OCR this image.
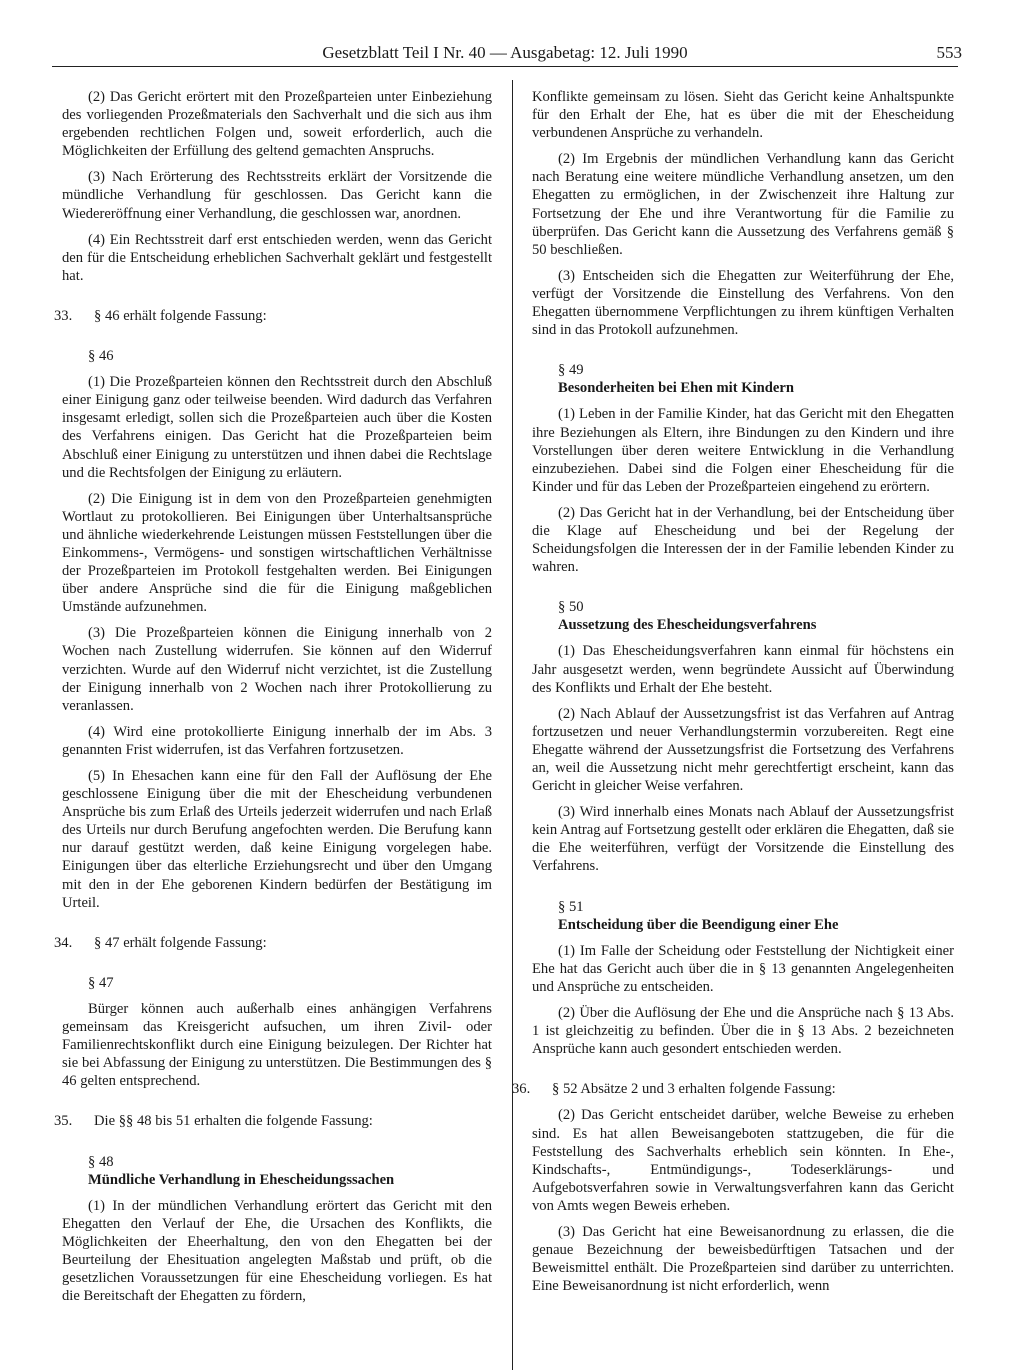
Gesetzblatt Teil I Nr. 40 — Ausgabetag: 12. Juli 1990	553

(2) Das Gericht erörtert mit den Prozeßparteien unter Einbeziehung des vorliegenden Prozeßmaterials den Sachverhalt und die sich aus ihm ergebenden rechtlichen Folgen und, soweit erforderlich, auch die Möglichkeiten der Erfüllung des geltend gemachten Anspruchs.

(3) Nach Erörterung des Rechtsstreits erklärt der Vorsitzende die mündliche Verhandlung für geschlossen. Das Gericht kann die Wiedereröffnung einer Verhandlung, die geschlossen war, anordnen.

(4) Ein Rechtsstreit darf erst entschieden werden, wenn das Gericht den für die Entscheidung erheblichen Sachverhalt geklärt und festgestellt hat.

33.	§ 46 erhält folgende Fassung:

§ 46

(1) Die Prozeßparteien können den Rechtsstreit durch den Abschluß einer Einigung ganz oder teilweise beenden. Wird dadurch das Verfahren insgesamt erledigt, sollen sich die Prozeßparteien auch über die Kosten des Verfahrens einigen. Das Gericht hat die Prozeßparteien beim Abschluß einer Einigung zu unterstützen und ihnen dabei die Rechtslage und die Rechtsfolgen der Einigung zu erläutern.

(2) Die Einigung ist in dem von den Prozeßparteien genehmigten Wortlaut zu protokollieren. Bei Einigungen über Unterhaltsansprüche und ähnliche wiederkehrende Leistungen müssen Feststellungen über die Einkommens-, Vermögens- und sonstigen wirtschaftlichen Verhältnisse der Prozeßparteien im Protokoll festgehalten werden. Bei Einigungen über andere Ansprüche sind die für die Einigung maßgeblichen Umstände aufzunehmen.

(3) Die Prozeßparteien können die Einigung innerhalb von 2 Wochen nach Zustellung widerrufen. Sie können auf den Widerruf verzichten. Wurde auf den Widerruf nicht verzichtet, ist die Zustellung der Einigung innerhalb von 2 Wochen nach ihrer Protokollierung zu veranlassen.

(4) Wird eine protokollierte Einigung innerhalb der im Abs. 3 genannten Frist widerrufen, ist das Verfahren fortzusetzen.

(5) In Ehesachen kann eine für den Fall der Auflösung der Ehe geschlossene Einigung über die mit der Ehescheidung verbundenen Ansprüche bis zum Erlaß des Urteils jederzeit widerrufen und nach Erlaß des Urteils nur durch Berufung angefochten werden. Die Berufung kann nur darauf gestützt werden, daß keine Einigung vorgelegen habe. Einigungen über das elterliche Erziehungsrecht und über den Umgang mit den in der Ehe geborenen Kindern bedürfen der Bestätigung im Urteil.

34.	§ 47 erhält folgende Fassung:

§ 47

Bürger können auch außerhalb eines anhängigen Verfahrens gemeinsam das Kreisgericht aufsuchen, um ihren Zivil- oder Familienrechtskonflikt durch eine Einigung beizulegen. Der Richter hat sie bei Abfassung der Einigung zu unterstützen. Die Bestimmungen des § 46 gelten entsprechend.

35.	Die §§ 48 bis 51 erhalten die folgende Fassung:

§ 48

Mündliche Verhandlung in Ehescheidungssachen

(1) In der mündlichen Verhandlung erörtert das Gericht mit den Ehegatten den Verlauf der Ehe, die Ursachen des Konflikts, die Möglichkeiten der Eheerhaltung, den von den Ehegatten bei der Beurteilung der Ehesituation angelegten Maßstab und prüft, ob die gesetzlichen Voraussetzungen für eine Ehescheidung vorliegen. Es hat die Bereitschaft der Ehegatten zu fördern,

Konflikte gemeinsam zu lösen. Sieht das Gericht keine Anhaltspunkte für den Erhalt der Ehe, hat es über die mit der Ehescheidung verbundenen Ansprüche zu verhandeln.

(2) Im Ergebnis der mündlichen Verhandlung kann das Gericht nach Beratung eine weitere mündliche Verhandlung ansetzen, um den Ehegatten zu ermöglichen, in der Zwischenzeit ihre Haltung zur Fortsetzung der Ehe und ihre Verantwortung für die Familie zu überprüfen. Das Gericht kann die Aussetzung des Verfahrens gemäß § 50 beschließen.

(3) Entscheiden sich die Ehegatten zur Weiterführung der Ehe, verfügt der Vorsitzende die Einstellung des Verfahrens. Von den Ehegatten übernommene Verpflichtungen zu ihrem künftigen Verhalten sind in das Protokoll aufzunehmen.

§ 49

Besonderheiten bei Ehen mit Kindern

(1) Leben in der Familie Kinder, hat das Gericht mit den Ehegatten ihre Beziehungen als Eltern, ihre Bindungen zu den Kindern und ihre Vorstellungen über deren weitere Entwicklung in die Verhandlung einzubeziehen. Dabei sind die Folgen einer Ehescheidung für die Kinder und für das Leben der Prozeßparteien eingehend zu erörtern.

(2) Das Gericht hat in der Verhandlung, bei der Entscheidung über die Klage auf Ehescheidung und bei der Regelung der Scheidungsfolgen die Interessen der in der Familie lebenden Kinder zu wahren.

§ 50

Aussetzung des Ehescheidungsverfahrens

(1) Das Ehescheidungsverfahren kann einmal für höchstens ein Jahr ausgesetzt werden, wenn begründete Aussicht auf Überwindung des Konflikts und Erhalt der Ehe besteht.

(2) Nach Ablauf der Aussetzungsfrist ist das Verfahren auf Antrag fortzusetzen und neuer Verhandlungstermin vorzubereiten. Regt eine Ehegatte während der Aussetzungsfrist die Fortsetzung des Verfahrens an, weil die Aussetzung nicht mehr gerechtfertigt erscheint, kann das Gericht in gleicher Weise verfahren.

(3) Wird innerhalb eines Monats nach Ablauf der Aussetzungsfrist kein Antrag auf Fortsetzung gestellt oder erklären die Ehegatten, daß sie die Ehe weiterführen, verfügt der Vorsitzende die Einstellung des Verfahrens.

§ 51

Entscheidung über die Beendigung einer Ehe

(1) Im Falle der Scheidung oder Feststellung der Nichtigkeit einer Ehe hat das Gericht auch über die in § 13 genannten Angelegenheiten und Ansprüche zu entscheiden.

(2) Über die Auflösung der Ehe und die Ansprüche nach § 13 Abs. 1 ist gleichzeitig zu befinden. Über die in § 13 Abs. 2 bezeichneten Ansprüche kann auch gesondert entschieden werden.

36.	§ 52 Absätze 2 und 3 erhalten folgende Fassung:

(2) Das Gericht entscheidet darüber, welche Beweise zu erheben sind. Es hat allen Beweisangeboten stattzugeben, die für die Feststellung des Sachverhalts erheblich sein könnten. In Ehe-, Kindschafts-, Entmündigungs-, Todeserklärungs- und Aufgebotsverfahren sowie in Verwaltungsverfahren kann das Gericht von Amts wegen Beweis erheben.

(3) Das Gericht hat eine Beweisanordnung zu erlassen, die die genaue Bezeichnung der beweisbedürftigen Tatsachen und der Beweismittel enthält. Die Prozeßparteien sind darüber zu unterrichten. Eine Beweisanordnung ist nicht erforderlich, wenn
